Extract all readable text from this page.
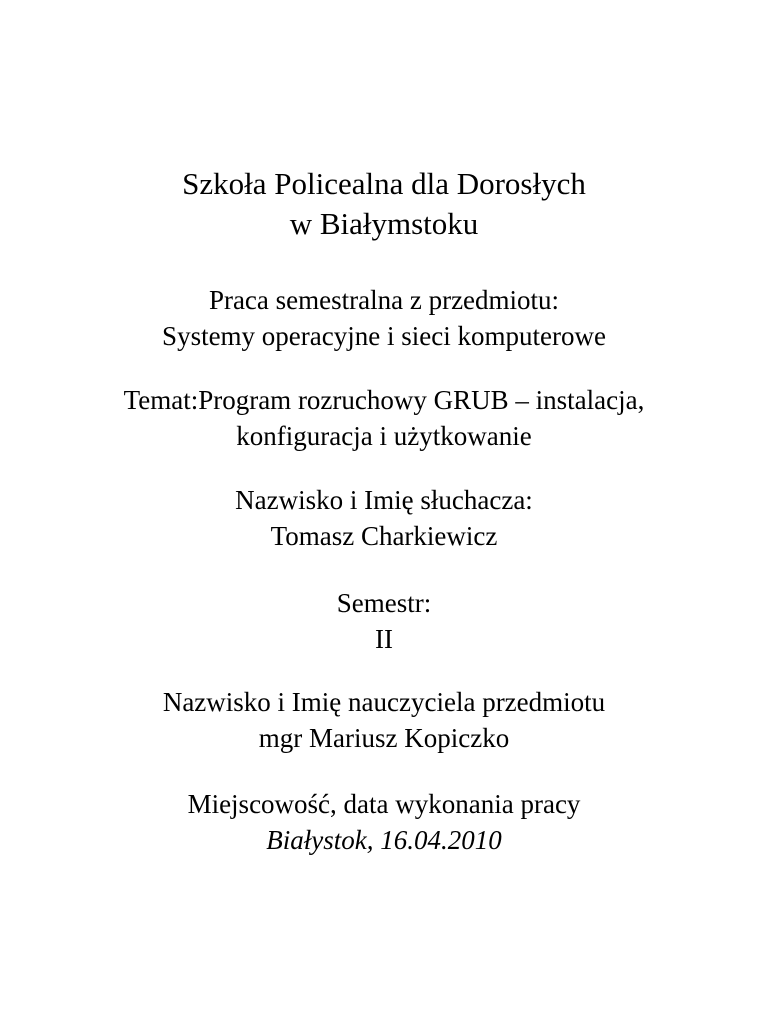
Szkoła Policealna dla Dorosłych
w Białymstoku
Praca semestralna z przedmiotu:
Systemy operacyjne i sieci komputerowe
Temat:Program rozruchowy GRUB – instalacja,
konfiguracja i użytkowanie
Nazwisko i Imię słuchacza:
Tomasz Charkiewicz
Semestr:
II
Nazwisko i Imię nauczyciela przedmiotu
mgr Mariusz Kopiczko
Miejscowość, data wykonania pracy
Białystok, 16.04.2010
